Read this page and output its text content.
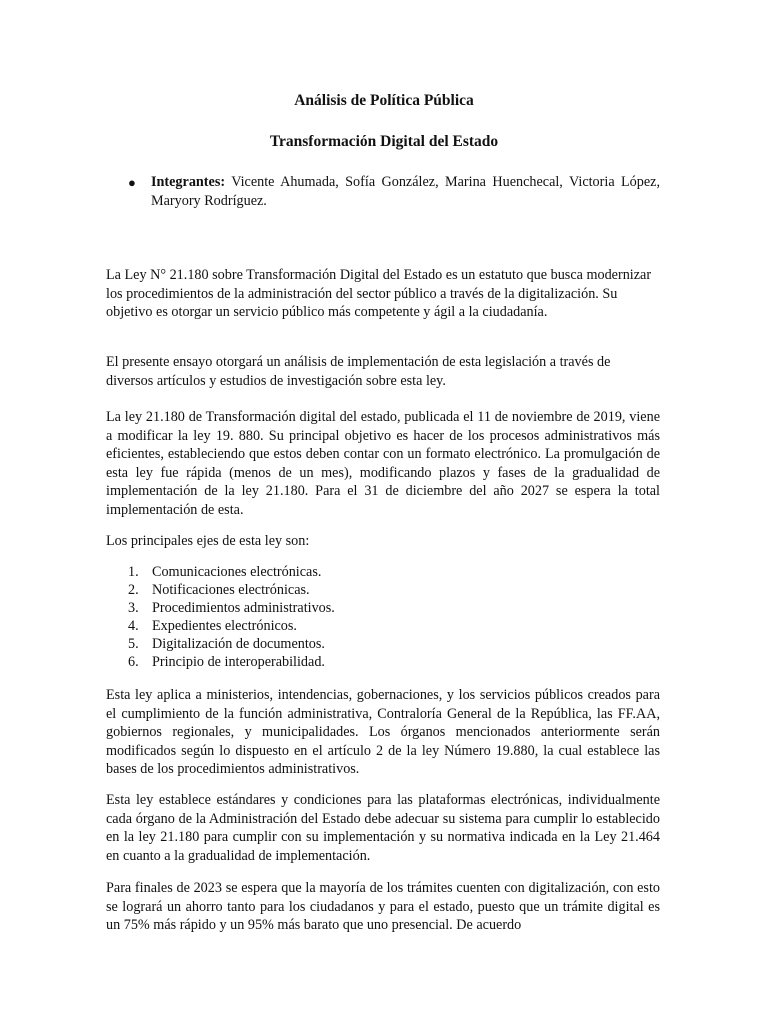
Análisis de Política Pública
Transformación Digital del Estado
● Integrantes: Vicente Ahumada, Sofía González, Marina Huenchecal, Victoria López, Maryory Rodríguez.

La Ley N° 21.180 sobre Transformación Digital del Estado es un estatuto que busca modernizar los procedimientos de la administración del sector público a través de la digitalización. Su objetivo es otorgar un servicio público más competente y ágil a la ciudadanía.

El presente ensayo otorgará un análisis de implementación de esta legislación a través de diversos artículos y estudios de investigación sobre esta ley.

La ley 21.180 de Transformación digital del estado, publicada el 11 de noviembre de 2019, viene a modificar la ley 19. 880. Su principal objetivo es hacer de los procesos administrativos más eficientes, estableciendo que estos deben contar con un formato electrónico. La promulgación de esta ley fue rápida (menos de un mes), modificando plazos y fases de la gradualidad de implementación de la ley 21.180. Para el 31 de diciembre del año 2027 se espera la total implementación de esta.

Los principales ejes de esta ley son:

1. Comunicaciones electrónicas.
2. Notificaciones electrónicas.
3. Procedimientos administrativos.
4. Expedientes electrónicos.
5. Digitalización de documentos.
6. Principio de interoperabilidad.

Esta ley aplica a ministerios, intendencias, gobernaciones, y los servicios públicos creados para el cumplimiento de la función administrativa, Contraloría General de la República, las FF.AA, gobiernos regionales, y municipalidades. Los órganos mencionados anteriormente serán modificados según lo dispuesto en el artículo 2 de la ley Número 19.880, la cual establece las bases de los procedimientos administrativos.

Esta ley establece estándares y condiciones para las plataformas electrónicas, individualmente cada órgano de la Administración del Estado debe adecuar su sistema para cumplir lo establecido en la ley 21.180 para cumplir con su implementación y su normativa indicada en la Ley 21.464 en cuanto a la gradualidad de implementación.

Para finales de 2023 se espera que la mayoría de los trámites cuenten con digitalización, con esto se logrará un ahorro tanto para los ciudadanos y para el estado, puesto que un trámite digital es un 75% más rápido y un 95% más barato que uno presencial. De acuerdo
